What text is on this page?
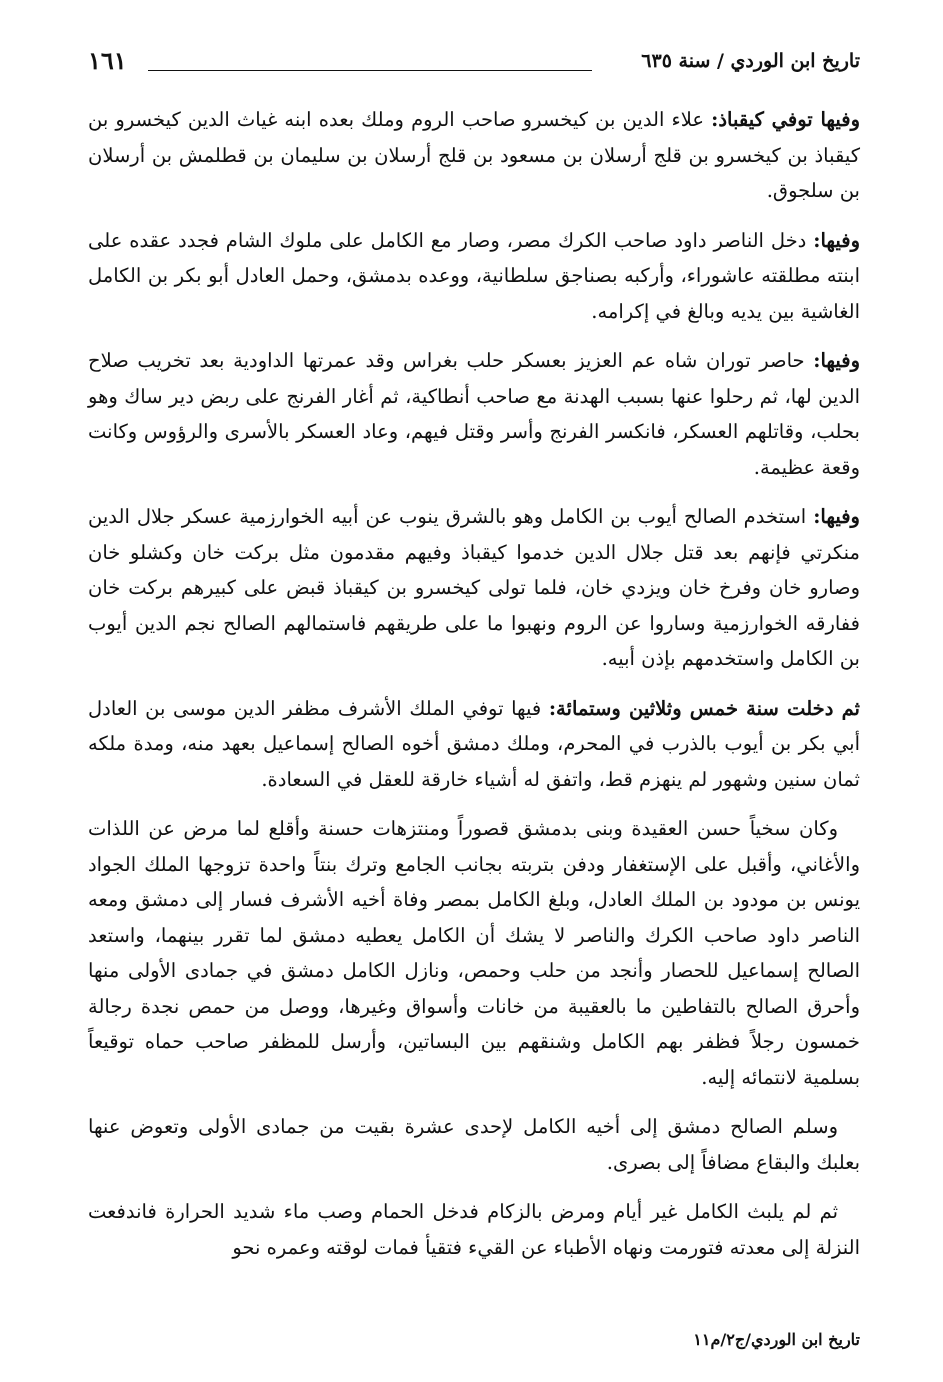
تاريخ ابن الوردي / سنة ٦٣٥
١٦١

وفيها توفي كيقباذ: علاء الدين بن كيخسرو صاحب الروم وملك بعده ابنه غياث الدين كيخسرو بن كيقباذ بن كيخسرو بن قلج أرسلان بن مسعود بن قلج أرسلان بن سليمان بن قطلمش بن أرسلان بن سلجوق.

وفيها: دخل الناصر داود صاحب الكرك مصر، وصار مع الكامل على ملوك الشام فجدد عقده على ابنته مطلقته عاشوراء، وأركبه بصناجق سلطانية، ووعده بدمشق، وحمل العادل أبو بكر بن الكامل الغاشية بين يديه وبالغ في إكرامه.

وفيها: حاصر توران شاه عم العزيز بعسكر حلب بغراس وقد عمرتها الداودية بعد تخريب صلاح الدين لها، ثم رحلوا عنها بسبب الهدنة مع صاحب أنطاكية، ثم أغار الفرنج على ربض دير ساك وهو بحلب، وقاتلهم العسكر، فانكسر الفرنج وأسر وقتل فيهم، وعاد العسكر بالأسرى والرؤوس وكانت وقعة عظيمة.

وفيها: استخدم الصالح أيوب بن الكامل وهو بالشرق ينوب عن أبيه الخوارزمية عسكر جلال الدين منكرتي فإنهم بعد قتل جلال الدين خدموا كيقباذ وفيهم مقدمون مثل بركت خان وكشلو خان وصارو خان وفرخ خان ويزدي خان، فلما تولى كيخسرو بن كيقباذ قبض على كبيرهم بركت خان ففارقه الخوارزمية وساروا عن الروم ونهبوا ما على طريقهم فاستمالهم الصالح نجم الدين أيوب بن الكامل واستخدمهم بإذن أبيه.

ثم دخلت سنة خمس وثلاثين وستمائة: فيها توفي الملك الأشرف مظفر الدين موسى بن العادل أبي بكر بن أيوب بالذرب في المحرم، وملك دمشق أخوه الصالح إسماعيل بعهد منه، ومدة ملكه ثمان سنين وشهور لم ينهزم قط، واتفق له أشياء خارقة للعقل في السعادة.

وكان سخياً حسن العقيدة وبنى بدمشق قصوراً ومنتزهات حسنة وأقلع لما مرض عن اللذات والأغاني، وأقبل على الإستغفار ودفن بتربته بجانب الجامع وترك بنتاً واحدة تزوجها الملك الجواد يونس بن مودود بن الملك العادل، وبلغ الكامل بمصر وفاة أخيه الأشرف فسار إلى دمشق ومعه الناصر داود صاحب الكرك والناصر لا يشك أن الكامل يعطيه دمشق لما تقرر بينهما، واستعد الصالح إسماعيل للحصار وأنجد من حلب وحمص، ونازل الكامل دمشق في جمادى الأولى منها وأحرق الصالح بالتفاطين ما بالعقيبة من خانات وأسواق وغيرها، ووصل من حمص نجدة رجالة خمسون رجلاً فظفر بهم الكامل وشنقهم بين البساتين، وأرسل للمظفر صاحب حماه توقيعاً بسلمية لانتمائه إليه.

وسلم الصالح دمشق إلى أخيه الكامل لإحدى عشرة بقيت من جمادى الأولى وتعوض عنها بعلبك والبقاع مضافاً إلى بصرى.

ثم لم يلبث الكامل غير أيام ومرض بالزكام فدخل الحمام وصب ماء شديد الحرارة فاندفعت النزلة إلى معدته فتورمت ونهاه الأطباء عن القيء فتقيأ فمات لوقته وعمره نحو

تاريخ ابن الوردي/ج٢/م١١
